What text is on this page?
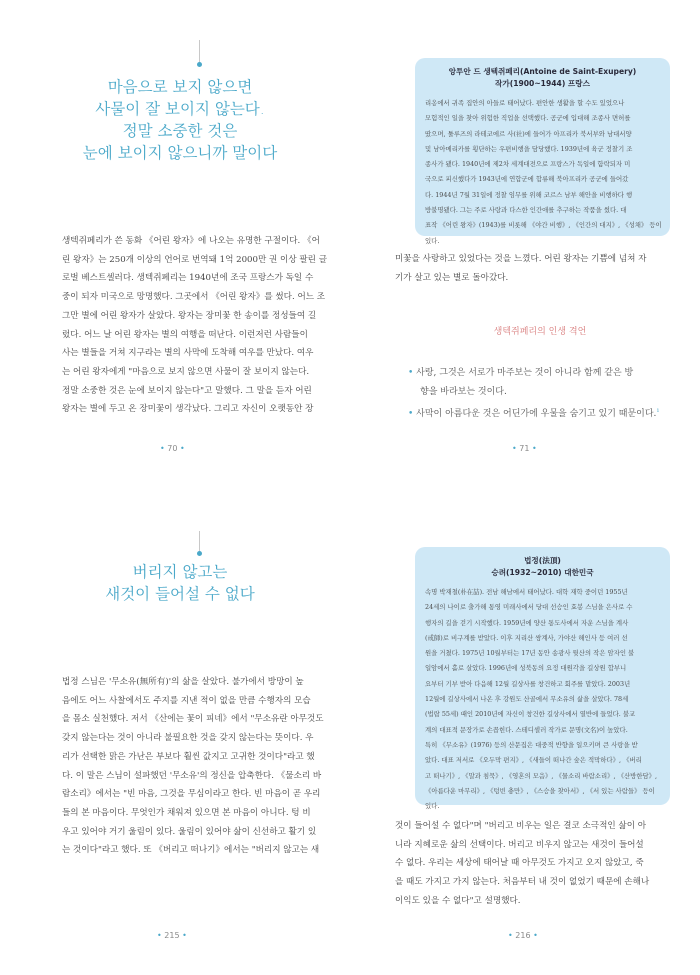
마음으로 보지 않으면
사물이 잘 보이지 않는다.
정말 소중한 것은
눈에 보이지 않으니까 말이다

생텍쥐페리가 쓴 동화 《어린 왕자》에 나오는 유명한 구절이다. 《어

린 왕자》는 250개 이상의 언어로 번역돼 1억 2000만 권 이상 팔린 글

로벌 베스트셀러다. 생텍쥐페리는 1940년에 조국 프랑스가 독일 수

중이 되자 미국으로 망명했다. 그곳에서 《어린 왕자》를 썼다. 어느 조

그만 별에 어린 왕자가 살았다. 왕자는 장미꽃 한 송이를 정성들여 길

렀다. 어느 날 어린 왕자는 별의 여행을 떠난다. 이런저런 사람들이

사는 별들을 거쳐 지구라는 별의 사막에 도착해 여우를 만났다. 여우

는 어린 왕자에게 "마음으로 보지 않으면 사물이 잘 보이지 않는다.

정말 소중한 것은 눈에 보이지 않는다"고 말했다. 그 말을 듣자 어린

왕자는 별에 두고 온 장미꽃이 생각났다. 그리고 자신이 오랫동안 장

• 70 •
앙투안 드 생텍쥐페리(Antoine de Saint-Exupery)
작가(1900~1944) 프랑스

리옹에서 귀족 집안의 아들로 태어났다. 편안한 생활을 할 수도 있었으나

모험적인 일을 찾아 위험한 직업을 선택했다. 공군에 입대해 조종사 면허를

땄으며, 툴루즈의 라테코에르 사(社)에 들어가 아프리카 북서부와 남대서양

및 남아메리카를 횡단하는 우편비행을 담당했다. 1939년에 육군 정찰기 조

종사가 됐다. 1940년에 제2차 세계대전으로 프랑스가 독일에 함락되자 미

국으로 피신했다가 1943년에 연합군에 합류해 북아프리카 공군에 들어갔

다. 1944년 7월 31일에 정찰 임무를 위해 코르스 남부 해안을 비행하다 행

방불명됐다. 그는 주로 사랑과 다스한 인간애를 추구하는 작품을 썼다. 대

표작 《어린 왕자》(1943)를 비롯해 《야간 비행》, 《인간의 대지》, 《성채》 등이

있다.

미꽃을 사랑하고 있었다는 것을 느꼈다. 어린 왕자는 기쁨에 넘쳐 자

기가 살고 있는 별로 돌아갔다.

생텍쥐페리의 인생 격언

• 사랑, 그것은 서로가 마주보는 것이 아니라 함께 같은 방

향을 바라보는 것이다.

• 사막이 아름다운 것은 어딘가에 우물을 숨기고 있기 때문이다.$^1$

• 71 •
버리지 않고는
새것이 들어설 수 없다

법정 스님은 '무소유(無所有)'의 삶을 살았다. 불가에서 방망이 높

음에도 어느 사찰에서도 주지를 지낸 적이 없을 만큼 수행자의 모습

을 몸소 실천했다. 저서 《산에는 꽃이 피네》에서 "무소유란 아무것도

갖지 않는다는 것이 아니라 불필요한 것을 갖지 않는다는 뜻이다. 우

리가 선택한 맑은 가난은 부보다 훨씬 값지고 고귀한 것이다"라고 했

다. 이 말은 스님이 설파했던 '무소유'의 정신을 압축한다. 《물소리 바

람소리》에서는 "빈 마음, 그것을 무심이라고 한다. 빈 마음이 곧 우리

들의 본 마음이다. 무엇인가 채워져 있으면 본 마음이 아니다. 텅 비

우고 있어야 거기 울림이 있다. 울림이 있어야 삶이 신선하고 활기 있

는 것이다"라고 했다. 또 《버리고 떠나기》에서는 "버리지 않고는 새

• 215 •
법정(法頂)
승려(1932~2010) 대한민국

속명 박재철(朴在喆). 전남 해남에서 태어났다. 대학 재학 중이던 1955년

24세의 나이로 출가해 통영 미래사에서 당대 선승인 효봉 스님을 은사로 수

행자의 길을 걷기 시작했다. 1959년에 양산 통도사에서 자운 스님을 계사

(戒師)로 비구계를 받았다. 이후 지리산 쌍계사, 가야산 해인사 등 여러 선

원을 거쳤다. 1975년 10월부터는 17년 동안 송광사 뒷산의 작은 암자인 불

일암에서 홀로 살았다. 1996년에 성북동의 요정 대원각을 길상원 합부니

요부터 기부 받아 다음해 12월 길상사를 창건하고 회주를 맡았다. 2003년

12월에 길상사에서 나온 후 강원도 산골에서 무소유의 삶을 살았다. 78세

(법랍 55세) 때인 2010년에 자신이 창건한 길상사에서 열반에 들었다. 불교

계의 대표적 문장가로 손꼽힌다. 스테디셀러 작가로 문명(文名)이 높았다.

특히 《무소유》(1976) 등의 산문집은 대중적 반향을 일으키며 큰 사랑을 받

았다. 대표 저서로 《오두막 편지》, 《새들이 떠나간 숲은 적막하다》, 《버리

고 떠나기》, 《말과 침묵》, 《영혼의 모음》, 《물소리 바람소리》, 《산방한담》,

《아름다운 마무리》, 《텅빈 충만》, 《스승을 찾아서》, 《서 있는 사람들》 등이

있다.

것이 들어설 수 없다"며 "버리고 비우는 일은 결코 소극적인 삶이 아

니라 지혜로운 삶의 선택이다. 버리고 비우지 않고는 새것이 들어설

수 없다. 우리는 세상에 태어날 때 아무것도 가지고 오지 않았고, 죽

을 때도 가지고 가지 않는다. 처음부터 내 것이 없었기 때문에 손해나

이익도 있을 수 없다"고 설명했다.

• 216 •
